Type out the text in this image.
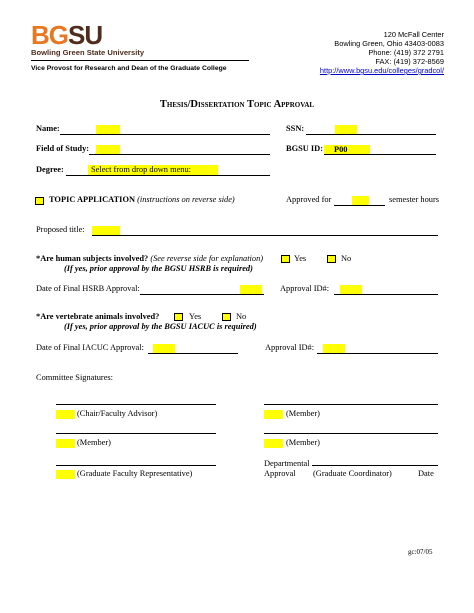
BGSU
Bowling Green State University
Vice Provost for Research and Dean of the Graduate College
120 McFall Center
Bowling Green, Ohio 43403-0083
Phone: (419) 372 2791
FAX: (419) 372-8569
http://www.bgsu.edu/colleges/gradcol/
Thesis/Dissertation Topic Approval
Name:	SSN:
Field of Study:	BGSU ID:	P00
Degree:	Select from drop down menu:
TOPIC APPLICATION (instructions on reverse side)	Approved for	semester hours
Proposed title:
*Are human subjects involved? (See reverse side for explanation)	Yes	No
(If yes, prior approval by the BGSU HSRB is required)
Date of Final HSRB Approval:	Approval ID#:
*Are vertebrate animals involved?	Yes	No
(If yes, prior approval by the BGSU IACUC is required)
Date of Final IACUC Approval:	Approval ID#:
Committee Signatures:
(Chair/Faculty Advisor)	(Member)
(Member)	(Member)
(Graduate Faculty Representative)
Departmental
Approval (Graduate Coordinator)	Date
gc:07/05
